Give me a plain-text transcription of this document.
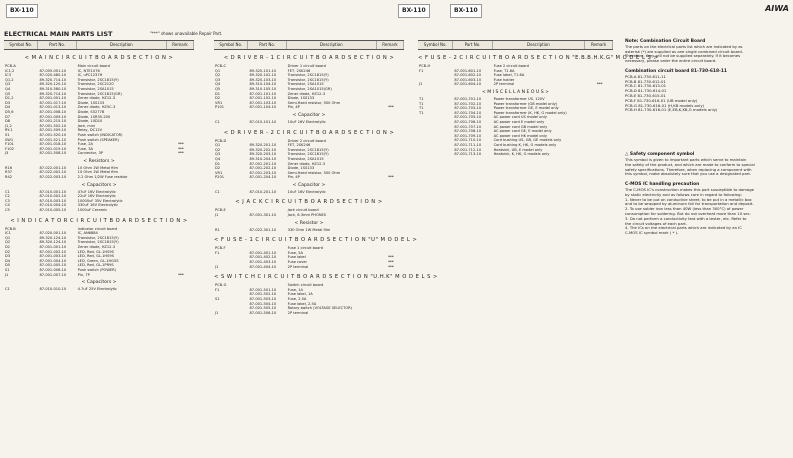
BX-110	BX-110	BX-110	AIWA
ELECTRICAL MAIN PARTS LIST	"***" shows unavailable Repair Part.
Symbol No.	Part No.	Description	Remark
< M A I N C I R C U I T B O A R D S E C T I O N >
PCB-A	Main circuit board
IC1,2	87-005-001-10	IC, NTE1076
IC3	87-020-480-10	IC, uPC1237H
Q1,2	89-320-714-10	Transistor, 2SC1815(Y)
Q3	89-320-120-10	Transistor, 2SC2120
Q4	89-310-580-10	Transistor, 2SA1015
Q5	89-320-714-10	Transistor, 2SC1815(GR)
D1,2	87-001-001-10	Zener diode, HZ12-3
D3	87-001-017-10	Diode, 1SS133
D4	87-001-013-10	Zener diode, HZ5C-3
D5,6	87-001-008-10	Diode, S5277B
D7	87-001-009-10	Diode, 1SR35-200
D8	87-001-215-10	Diode, 10D10
J1,2	87-001-502-10	Jack, mini
RY-1	87-001-509-10	Relay, DC12V
S1	87-001-520-10	Push switch (INDICATOR)
SW1	87-001-521-10	Push switch (SPEAKER)
F101	87-001-018-10	Fuse, 2A	***
F102	87-001-019-10	Fuse, 3A	***
J3	87-001-508-10	Connector, 3P	***
< Resistors >
R16	87-022-001-10	10 Ohm 1W Metal film
R37	87-022-002-10	10 Ohm 1W Metal film
R42	87-022-003-10	2.2 Ohm 1/2W Fuse resistor
< Capacitors >
C1	87-010-001-10	47uF 16V Electrolytic
C2	87-010-002-10	22uF 16V Electrolytic
C3	87-010-003-10	10000uF 35V Electrolytic
C4	87-010-004-10	330uF 16V Electrolytic
C5	87-010-005-10	1000uF Ceramic
< I N D I C A T O R C I R C U I T B O A R D S E C T I O N >
PCB-B	Indicator circuit board
IC1	87-020-001-10	IC, AN6884
Q1	89-320-124-10	Transistor, 2SC1815(Y)
Q2	89-320-124-10	Transistor, 2SC1815(Y)
D1	87-001-001-10	Zener diode, HZ12-3
D2	87-001-002-10	LED, Red, GL-1HS9S
D3	87-001-003-10	LED, Red, GL-1HS9S
D4	87-001-004-10	LED, Green, GL-1HG5S
D5	87-001-005-10	LED, Red, GL-1PR9S
S1	87-001-006-10	Push switch (POWER)
J1	87-001-007-10	Pin, 7P	***
< Capacitors >
C1	87-010-010-10	4.7uF 25V Electrolytic
Symbol No.	Part No.	Description	Remark
< D R I V E R - 1 C I R C U I T B O A R D S E C T I O N >
PCB-C	Driver 1 circuit board
Q1	89-320-101-10	FET, 2SK246
Q2	89-320-102-10	Transistor, 2SC1815(Y)
Q3	89-320-103-10	Transistor, 2SC1815(Y)
Q4	89-310-104-10	Transistor, 2SA1015
Q5	89-310-105-10	Transistor, 2SA1015(GR)
D1	87-001-101-10	Zener diode, HZ12-3
D2	87-001-102-10	Diode, 1SS133
VR1	87-001-103-10	Semi-fixed resistor, 500 Ohm
P101	87-001-104-10	Pin, 4P	***
< Capacitor >
C1	87-010-101-10	10uF 16V Electrolytic
< D R I V E R - 2 C I R C U I T B O A R D S E C T I O N >
PCB-D	Driver 2 circuit board
Q1	89-320-201-10	FET, 2SK246
Q2	89-320-202-10	Transistor, 2SC1815(Y)
Q3	89-320-203-10	Transistor, 2SC1815(Y)
Q4	89-310-204-10	Transistor, 2SA1015
D1	87-001-201-10	Zener diode, HZ12-3
D2	87-001-202-10	Diode, 1SS133
VR1	87-001-203-10	Semi-fixed resistor, 500 Ohm
P201	87-001-204-10	Pin, 4P	***
< Capacitor >
C1	87-010-201-10	10uF 16V Electrolytic
< J A C K C I R C U I T B O A R D S E C T I O N >
PCB-E	Jack circuit board
J1	87-001-301-10	Jack, 6.3mm PHONES
< Resistor >
R1	87-022-301-10	330 Ohm 1W Metal film
< F U S E - 1 C I R C U I T B O A R D S E C T I O N "U" M O D E L >
PCB-F	Fuse 1 circuit board
F1	87-001-401-10	Fuse, 5A
87-001-402-10	Fuse label	***
87-001-403-10	Fuse cover	***
J1	87-001-404-10	2P terminal	***
< S W I T C H C I R C U I T B O A R D S E C T I O N "U.H.K" M O D E L S >
PCB-G	Switch circuit board
F1	87-001-501-10	Fuse, 1A
87-001-502-10	Fuse label, 1A
S1	87-001-503-10	Fuse, 2.5A
87-001-504-10	Fuse label, 2.5A
87-001-505-10	Rotary switch (VOLTAGE SELECTOR)
J1	87-001-506-10	2P terminal
Symbol No.	Part No.	Description	Remark
< F U S E - 2 C I R C U I T B O A R D S E C T I O N "E.B.B.H.K.G" M O D E L S >
PCB-H	Fuse 2 circuit board
F1	87-001-601-10	Fuse, T1.6A
87-001-602-10	Fuse label, T1.6A
87-001-603-10	Fuse holder
J1	87-001-604-10	2P terminal	***
< M I S C E L L A N E O U S >
T1	87-001-701-10	Power transformer US, 120V
T1	87-001-702-10	Power transformer (GB model only)
T1	87-001-703-10	Power transformer GE, E model only
T1	87-001-704-10	Power transformer (K, HK, G model only)
87-001-705-10	AC power cord US model only
87-001-706-10	AC power cord E model only
87-001-707-10	AC power cord GB model only
87-001-708-10	AC power cord GE, E model only
87-001-709-10	AC power cord HK model only
87-001-710-10	Cord bushing US, GB, GE models only
87-001-711-10	Cord bushing K, HK, G models only
87-001-712-10	Heatsink, UB, E model only
87-001-713-10	Heatsink, K, HK, G models only
Note: Combination Circuit Board
The parts on the electrical parts list which are indicated by as
asterisk (*) are supplied as one single combined circuit board.
Therefore, they will not be supplied separately. If it becomes
necessary, please order the entire circuit board.
Combination circuit board 81-730-618-11
PCB-A 81-730-611-11
PCB-B 81-730-612-01
PCB-C 81-730-613-01
PCB-D 81-730-614-01
PCB-E 81-730-615-01
PCB-F 81-730-616-01 (UB model only)
PCB-G 81-730-616-01 (H,KB models only)
PCB-H 81-730-616-01 (E,EB,K,KB,G models only)
△ Safety component symbol
This symbol is given to important parts which serve to maintain
the safety of the product, and which are made to conform to special
safety specifications. Therefore, when replacing a component with
this symbol, make absolutely sure that you use a designated part.
C-MOS IC handling precaution
The C-MOS IC's construction makes this part susceptible to damage
by static electricity and as follows care in regard to following:
1. Never to be put on conductive sheet, to be put in a metallic box
and to be wrapped by aluminum foil for transportation and deposit.
2. To use solder iron less than 40W (less than 300°C) of power
consumption for soldering. But do not overheat more than 10 sec.
3. Do not perform a conductivity test with a tester, etc. Refer to
the circuit voltages of each part.
4. The ICs on the electrical parts which are indicated by an IC
C-MOS IC symbol mark ( * ).
